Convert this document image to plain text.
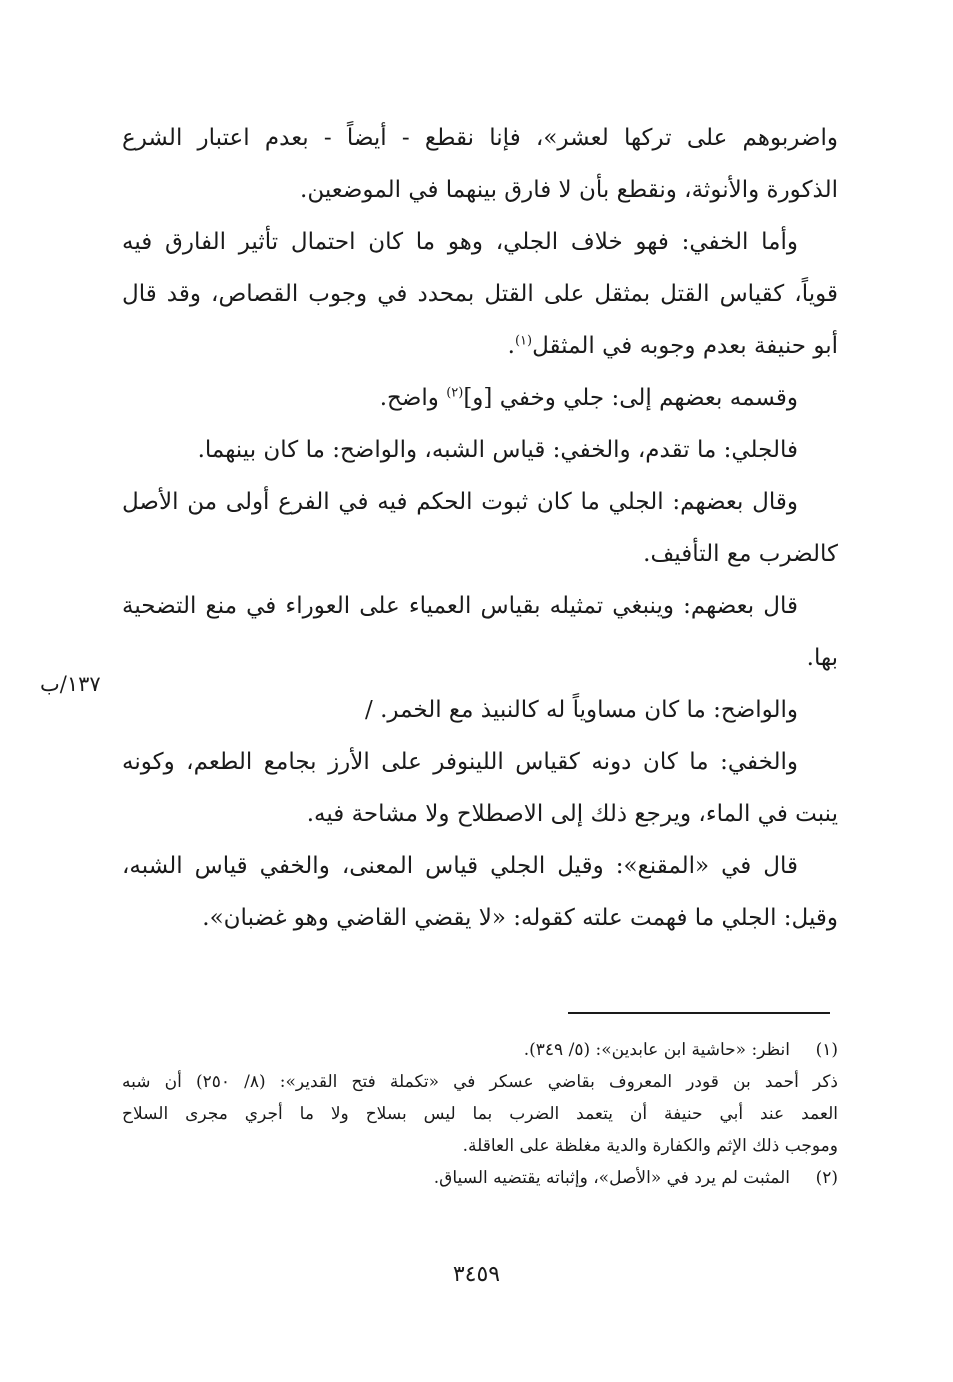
واضربوهم على تركها لعشر»، فإنا نقطع - أيضاً - بعدم اعتبار الشرع
الذكورة والأنوثة، ونقطع بأن لا فارق بينهما في الموضعين.
وأما الخفي: فهو خلاف الجلي، وهو ما كان احتمال تأثير الفارق فيه
قوياً، كقياس القتل بمثقل على القتل بمحدد في وجوب القصاص، وقد قال
أبو حنيفة بعدم وجوبه في المثقل$^{(١)}$.
وقسمه بعضهم إلى: جلي وخفي [و]$^{(٢)}$ واضح.
فالجلي: ما تقدم، والخفي: قياس الشبه، والواضح: ما كان بينهما.
وقال بعضهم: الجلي ما كان ثبوت الحكم فيه في الفرع أولى من الأصل
كالضرب مع التأفيف.
قال بعضهم: وينبغي تمثيله بقياس العمياء على العوراء في منع التضحية
بها.
والواضح: ما كان مساوياً له كالنبيذ مع الخمر. /
والخفي: ما كان دونه كقياس اللينوفر على الأرز بجامع الطعم، وكونه
ينبت في الماء، ويرجع ذلك إلى الاصطلاح ولا مشاحة فيه.
قال في «المقنع»: وقيل الجلي قياس المعنى، والخفي قياس الشبه،
وقيل: الجلي ما فهمت علته كقوله: «لا يقضي القاضي وهو غضبان».
١٣٧/ب
(١)انظر: «حاشية ابن عابدين»: (٥/ ٣٤٩).
ذكر أحمد بن قودر المعروف بقاضي عسكر في «تكملة فتح القدير»: (٨/ ٢٥٠) أن شبه
العمد عند أبي حنيفة أن يتعمد الضرب بما ليس بسلاح ولا ما أجري مجرى السلاح
وموجب ذلك الإثم والكفارة والدية مغلظة على العاقلة.
(٢)المثبت لم يرد في «الأصل»، وإثباته يقتضيه السياق.
٣٤٥٩
